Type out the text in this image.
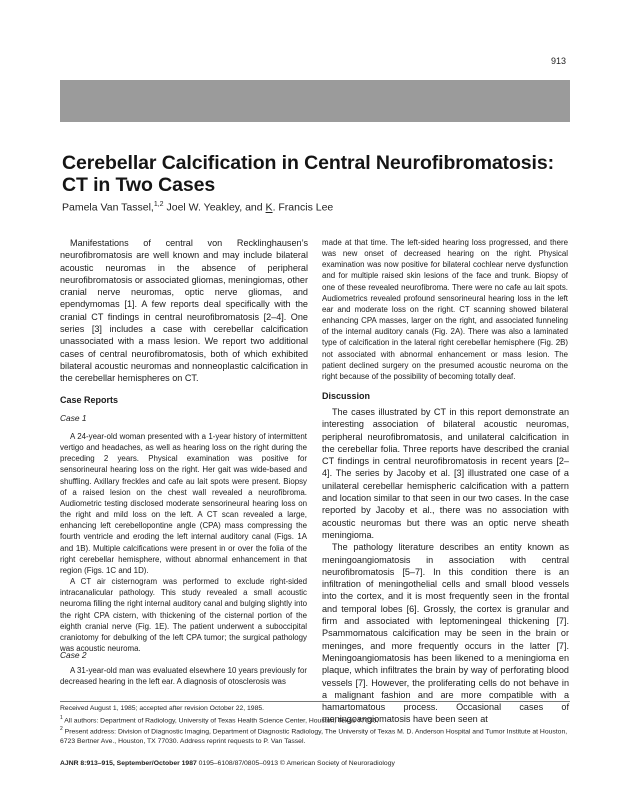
913
Cerebellar Calcification in Central Neurofibromatosis: CT in Two Cases
Pamela Van Tassel,$^{1,2}$ Joel W. Yeakley, and K. Francis Lee

Manifestations of central von Recklinghausen’s neurofibromatosis are well known and may include bilateral acoustic neuromas in the absence of peripheral neurofibromatosis or associated gliomas, meningiomas, other cranial nerve neuromas, optic nerve gliomas, and ependymomas [1]. A few reports deal specifically with the cranial CT findings in central neurofibromatosis [2–4]. One series [3] includes a case with cerebellar calcification unassociated with a mass lesion. We report two additional cases of central neurofibromatosis, both of which exhibited bilateral acoustic neuromas and nonneoplastic calcification in the cerebellar hemispheres on CT.

made at that time. The left-sided hearing loss progressed, and there was new onset of decreased hearing on the right. Physical examination was now positive for bilateral cochlear nerve dysfunction and for multiple raised skin lesions of the face and trunk. Biopsy of one of these revealed neurofibroma. There were no cafe au lait spots. Audiometrics revealed profound sensorineural hearing loss in the left ear and moderate loss on the right. CT scanning showed bilateral enhancing CPA masses, larger on the right, and associated funneling of the internal auditory canals (Fig. 2A). There was also a laminated type of calcification in the lateral right cerebellar hemisphere (Fig. 2B) not associated with abnormal enhancement or mass lesion. The patient declined surgery on the presumed acoustic neuroma on the right because of the possibility of becoming totally deaf.

Case Reports
Case 1

A 24-year-old woman presented with a 1-year history of intermittent vertigo and headaches, as well as hearing loss on the right during the preceding 2 years. Physical examination was positive for sensorineural hearing loss on the right. Her gait was wide-based and shuffling. Axillary freckles and cafe au lait spots were present. Biopsy of a raised lesion on the chest wall revealed a neurofibroma. Audiometric testing disclosed moderate sensorineural hearing loss on the right and mild loss on the left. A CT scan revealed a large, enhancing left cerebellopontine angle (CPA) mass compressing the fourth ventricle and eroding the left internal auditory canal (Figs. 1A and 1B). Multiple calcifications were present in or over the folia of the right cerebellar hemisphere, without abnormal enhancement in that region (Figs. 1C and 1D).

A CT air cisternogram was performed to exclude right-sided intracanalicular pathology. This study revealed a small acoustic neuroma filling the right internal auditory canal and bulging slightly into the right CPA cistern, with thickening of the cisternal portion of the eighth cranial nerve (Fig. 1E). The patient underwent a suboccipital craniotomy for debulking of the left CPA tumor; the surgical pathology was acoustic neuroma.

Case 2

A 31-year-old man was evaluated elsewhere 10 years previously for decreased hearing in the left ear. A diagnosis of otosclerosis was

Discussion

The cases illustrated by CT in this report demonstrate an interesting association of bilateral acoustic neuromas, peripheral neurofibromatosis, and unilateral calcification in the cerebellar folia. Three reports have described the cranial CT findings in central neurofibromatosis in recent years [2–4]. The series by Jacoby et al. [3] illustrated one case of a unilateral cerebellar hemispheric calcification with a pattern and location similar to that seen in our two cases. In the case reported by Jacoby et al., there was no association with acoustic neuromas but there was an optic nerve sheath meningioma.

The pathology literature describes an entity known as meningoangiomatosis in association with central neurofibromatosis [5–7]. In this condition there is an infiltration of meningothelial cells and small blood vessels into the cortex, and it is most frequently seen in the frontal and temporal lobes [6]. Grossly, the cortex is granular and firm and associated with leptomeningeal thickening [7]. Psammomatous calcification may be seen in the brain or meninges, and more frequently occurs in the latter [7]. Meningoangiomatosis has been likened to a meningioma en plaque, which infiltrates the brain by way of perforating blood vessels [7]. However, the proliferating cells do not behave in a malignant fashion and are more compatible with a hamartomatous process. Occasional cases of meningoangiomatosis have been seen at

Received August 1, 1985; accepted after revision October 22, 1985.
$^1$ All authors: Department of Radiology, University of Texas Health Science Center, Houston, Texas 77030.
$^2$ Present address: Division of Diagnostic Imaging, Department of Diagnostic Radiology, The University of Texas M. D. Anderson Hospital and Tumor Institute at Houston, 6723 Bertner Ave., Houston, TX 77030. Address reprint requests to P. Van Tassel.
AJNR 8:913–915, September/October 1987 0195–6108/87/0805–0913 © American Society of Neuroradiology
